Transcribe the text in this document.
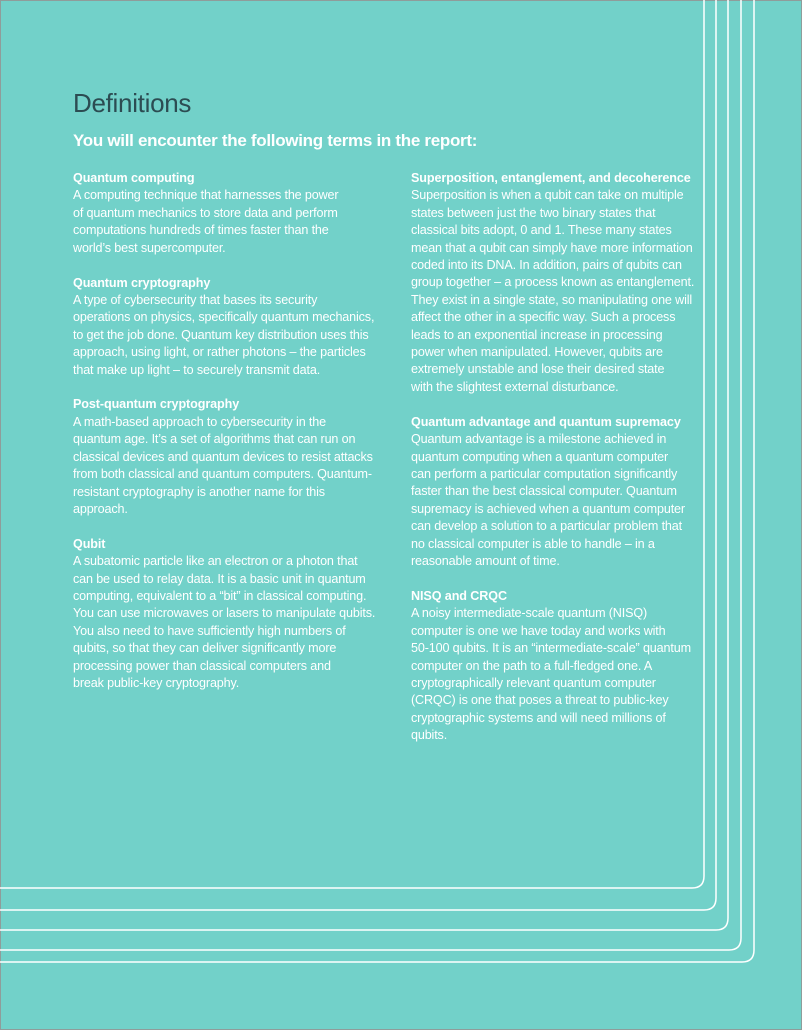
Definitions
You will encounter the following terms in the report:

Quantum computing

A computing technique that harnesses the power
of quantum mechanics to store data and perform
computations hundreds of times faster than the
world’s best supercomputer.

Quantum cryptography

A type of cybersecurity that bases its security
operations on physics, specifically quantum mechanics,
to get the job done. Quantum key distribution uses this
approach, using light, or rather photons – the particles
that make up light – to securely transmit data.

Post-quantum cryptography

A math-based approach to cybersecurity in the
quantum age. It’s a set of algorithms that can run on
classical devices and quantum devices to resist attacks
from both classical and quantum computers. Quantum-
resistant cryptography is another name for this
approach.

Qubit

A subatomic particle like an electron or a photon that
can be used to relay data. It is a basic unit in quantum
computing, equivalent to a “bit” in classical computing.
You can use microwaves or lasers to manipulate qubits.
You also need to have sufficiently high numbers of
qubits, so that they can deliver significantly more
processing power than classical computers and
break public-key cryptography.

Superposition, entanglement, and decoherence

Superposition is when a qubit can take on multiple
states between just the two binary states that
classical bits adopt, 0 and 1. These many states
mean that a qubit can simply have more information
coded into its DNA. In addition, pairs of qubits can
group together – a process known as entanglement.
They exist in a single state, so manipulating one will
affect the other in a specific way. Such a process
leads to an exponential increase in processing
power when manipulated. However, qubits are
extremely unstable and lose their desired state
with the slightest external disturbance.

Quantum advantage and quantum supremacy

Quantum advantage is a milestone achieved in
quantum computing when a quantum computer
can perform a particular computation significantly
faster than the best classical computer. Quantum
supremacy is achieved when a quantum computer
can develop a solution to a particular problem that
no classical computer is able to handle – in a
reasonable amount of time.

NISQ and CRQC

A noisy intermediate-scale quantum (NISQ)
computer is one we have today and works with
50-100 qubits. It is an “intermediate-scale” quantum
computer on the path to a full-fledged one. A
cryptographically relevant quantum computer
(CRQC) is one that poses a threat to public-key
cryptographic systems and will need millions of
qubits.
